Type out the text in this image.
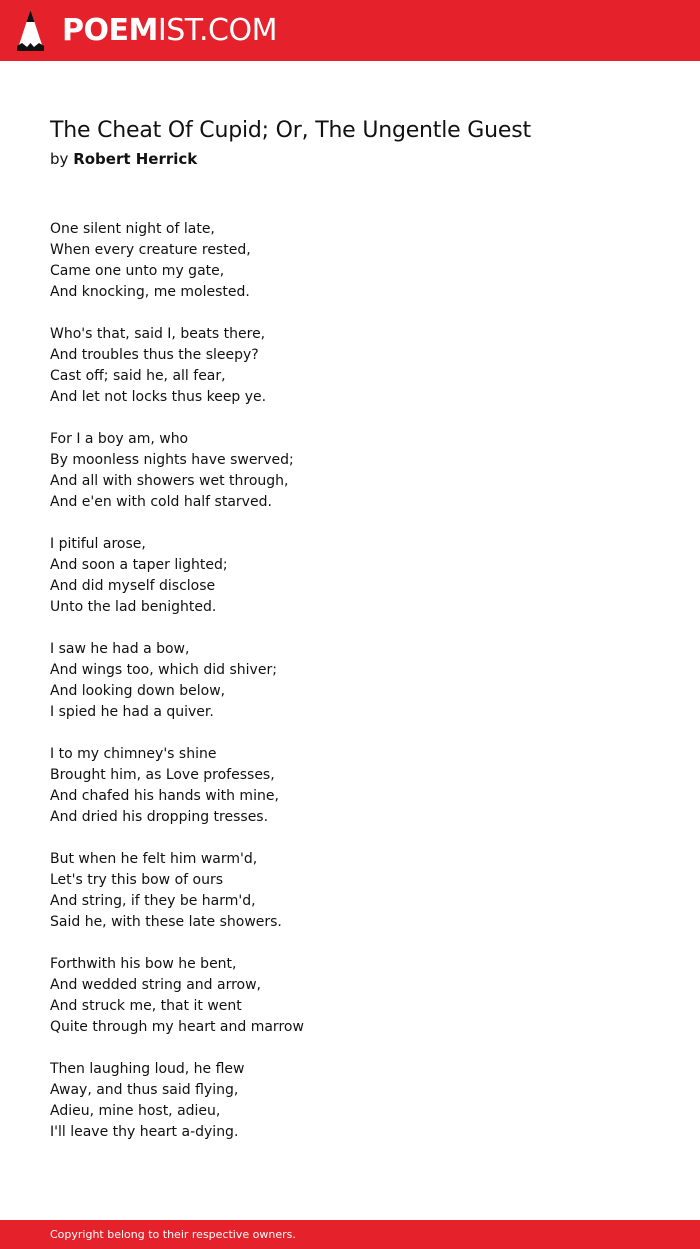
POEM IST.COM
The Cheat Of Cupid; Or, The Ungentle Guest
by Robert Herrick
One silent night of late,
When every creature rested,
Came one unto my gate,
And knocking, me molested.
Who's that, said I, beats there,
And troubles thus the sleepy?
Cast off; said he, all fear,
And let not locks thus keep ye.
For I a boy am, who
By moonless nights have swerved;
And all with showers wet through,
And e'en with cold half starved.
I pitiful arose,
And soon a taper lighted;
And did myself disclose
Unto the lad benighted.
I saw he had a bow,
And wings too, which did shiver;
And looking down below,
I spied he had a quiver.
I to my chimney's shine
Brought him, as Love professes,
And chafed his hands with mine,
And dried his dropping tresses.
But when he felt him warm'd,
Let's try this bow of ours
And string, if they be harm'd,
Said he, with these late showers.
Forthwith his bow he bent,
And wedded string and arrow,
And struck me, that it went
Quite through my heart and marrow
Then laughing loud, he flew
Away, and thus said flying,
Adieu, mine host, adieu,
I'll leave thy heart a-dying.
Copyright belong to their respective owners.
